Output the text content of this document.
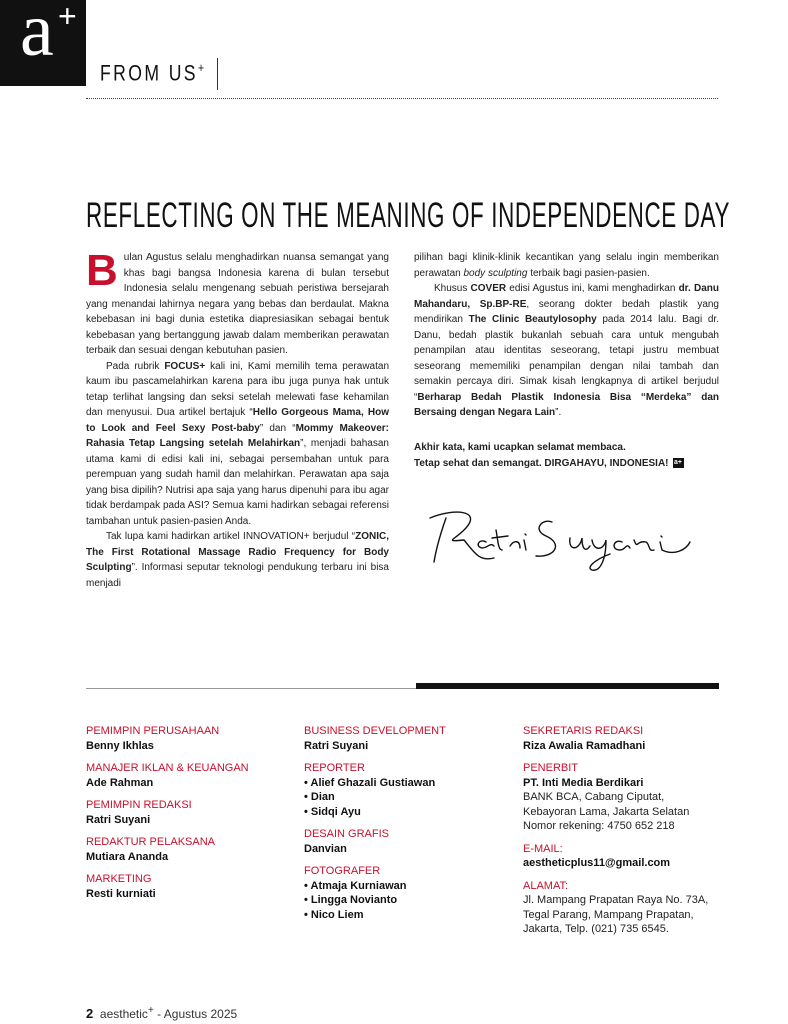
a +
FROM US+
REFLECTING ON THE MEANING OF INDEPENDENCE DAY

Bulan Agustus selalu menghadirkan nuansa semangat yang khas bagi bangsa Indonesia karena di bulan tersebut Indonesia selalu mengenang sebuah peristiwa bersejarah yang menandai lahirnya negara yang bebas dan berdaulat. Makna kebebasan ini bagi dunia estetika diapresiasikan sebagai bentuk kebebasan yang bertanggung jawab dalam memberikan perawatan terbaik dan sesuai dengan kebutuhan pasien.

Pada rubrik FOCUS+ kali ini, Kami memilih tema perawatan kaum ibu pascamelahirkan karena para ibu juga punya hak untuk tetap terlihat langsing dan seksi setelah melewati fase kehamilan dan menyusui. Dua artikel bertajuk “Hello Gorgeous Mama, How to Look and Feel Sexy Post-baby” dan “Mommy Makeover: Rahasia Tetap Langsing setelah Melahirkan”, menjadi bahasan utama kami di edisi kali ini, sebagai persembahan untuk para perempuan yang sudah hamil dan melahirkan. Perawatan apa saja yang bisa dipilih? Nutrisi apa saja yang harus dipenuhi para ibu agar tidak berdampak pada ASI? Semua kami hadirkan sebagai referensi tambahan untuk pasien-pasien Anda.

Tak lupa kami hadirkan artikel INNOVATION+ berjudul “ZONIC, The First Rotational Massage Radio Frequency for Body Sculpting”. Informasi seputar teknologi pendukung terbaru ini bisa menjadi

pilihan bagi klinik-klinik kecantikan yang selalu ingin memberikan perawatan body sculpting terbaik bagi pasien-pasien.

Khusus COVER edisi Agustus ini, kami menghadirkan dr. Danu Mahandaru, Sp.BP-RE, seorang dokter bedah plastik yang mendirikan The Clinic Beautylosophy pada 2014 lalu. Bagi dr. Danu, bedah plastik bukanlah sebuah cara untuk mengubah penampilan atau identitas seseorang, tetapi justru membuat seseorang mememiliki penampilan dengan nilai tambah dan semakin percaya diri. Simak kisah lengkapnya di artikel berjudul “Berharap Bedah Plastik Indonesia Bisa “Merdeka” dan Bersaing dengan Negara Lain”.

Akhir kata, kami ucapkan selamat membaca.
Tetap sehat dan semangat. DIRGAHAYU, INDONESIA! a+
PEMIMPIN PERUSAHAAN
Benny Ikhlas
MANAJER IKLAN & KEUANGAN
Ade Rahman
PEMIMPIN REDAKSI
Ratri Suyani
REDAKTUR PELAKSANA
Mutiara Ananda
MARKETING
Resti kurniati
BUSINESS DEVELOPMENT
Ratri Suyani
REPORTER
• Alief Ghazali Gustiawan
• Dian
• Sidqi Ayu
DESAIN GRAFIS
Danvian
FOTOGRAFER
• Atmaja Kurniawan
• Lingga Novianto
• Nico Liem
SEKRETARIS REDAKSI
Riza Awalia Ramadhani
PENERBIT
PT. Inti Media Berdikari
BANK BCA, Cabang Ciputat,
Kebayoran Lama, Jakarta Selatan
Nomor rekening: 4750 652 218
E-MAIL:
aestheticplus11@gmail.com
ALAMAT:
Jl. Mampang Prapatan Raya No. 73A,
Tegal Parang, Mampang Prapatan,
Jakarta, Telp. (021) 735 6545.
2 aesthetic+ - Agustus 2025
